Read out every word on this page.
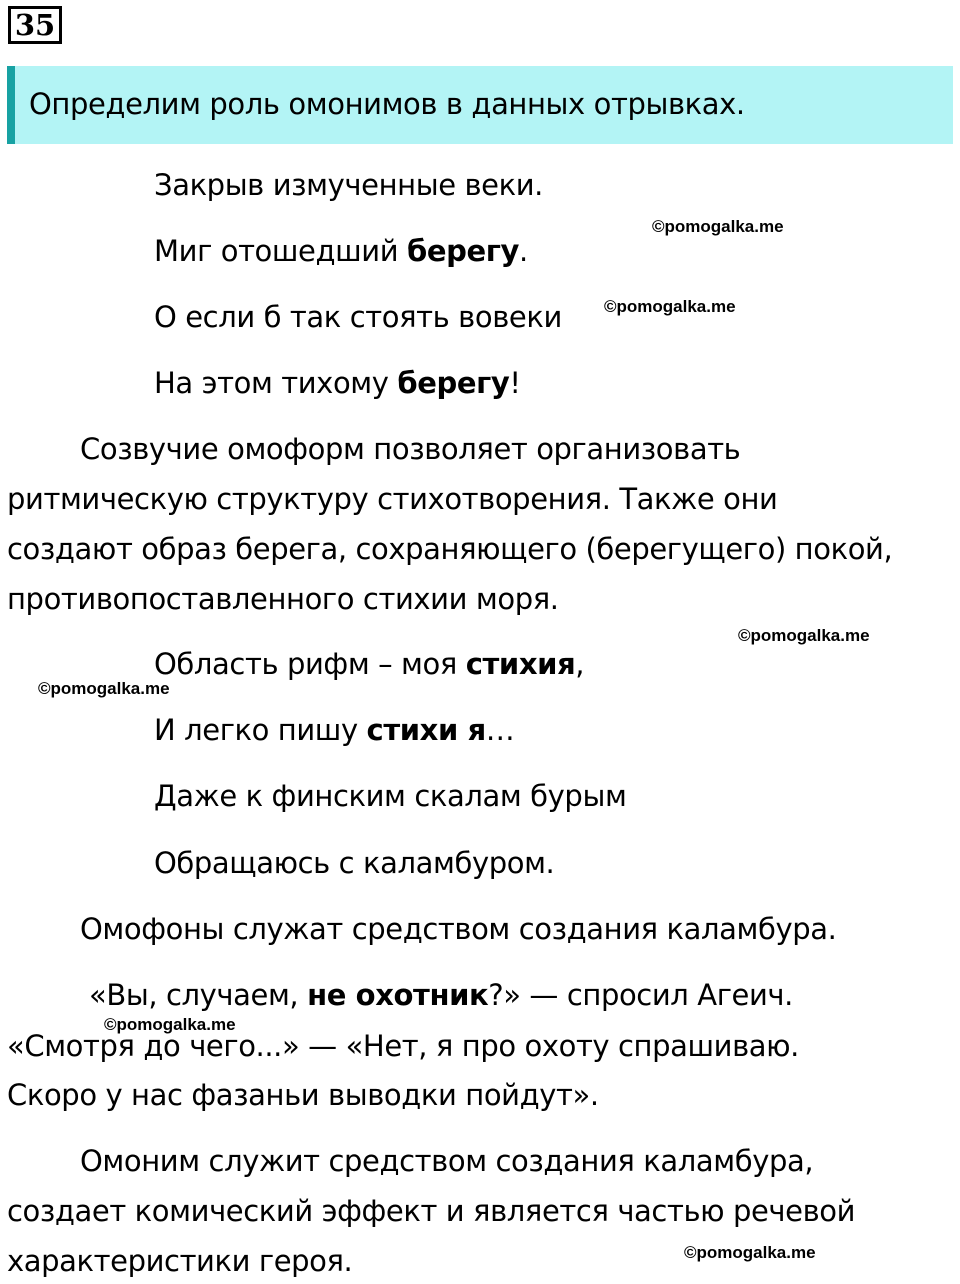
35
Определим роль омонимов в данных отрывках.
Закрыв измученные веки.
Миг отошедший берегу.
О если б так стоять вовеки
На этом тихому берегу!
Созвучие омоформ позволяет организовать
ритмическую структуру стихотворения. Также они
создают образ берега, сохраняющего (берегущего) покой,
противопоставленного стихии моря.
Область рифм – моя стихия,
И легко пишу стихи я…
Даже к финским скалам бурым
Обращаюсь с каламбуром.
Омофоны служат средством создания каламбура.
«Вы, случаем, не охотник?» — спросил Агеич.
«Смотря до чего...» — «Нет, я про охоту спрашиваю.
Скоро у нас фазаньи выводки пойдут».
Омоним служит средством создания каламбура,
создает комический эффект и является частью речевой
характеристики героя.
©pomogalka.me
©pomogalka.me
©pomogalka.me
©pomogalka.me
©pomogalka.me
©pomogalka.me
